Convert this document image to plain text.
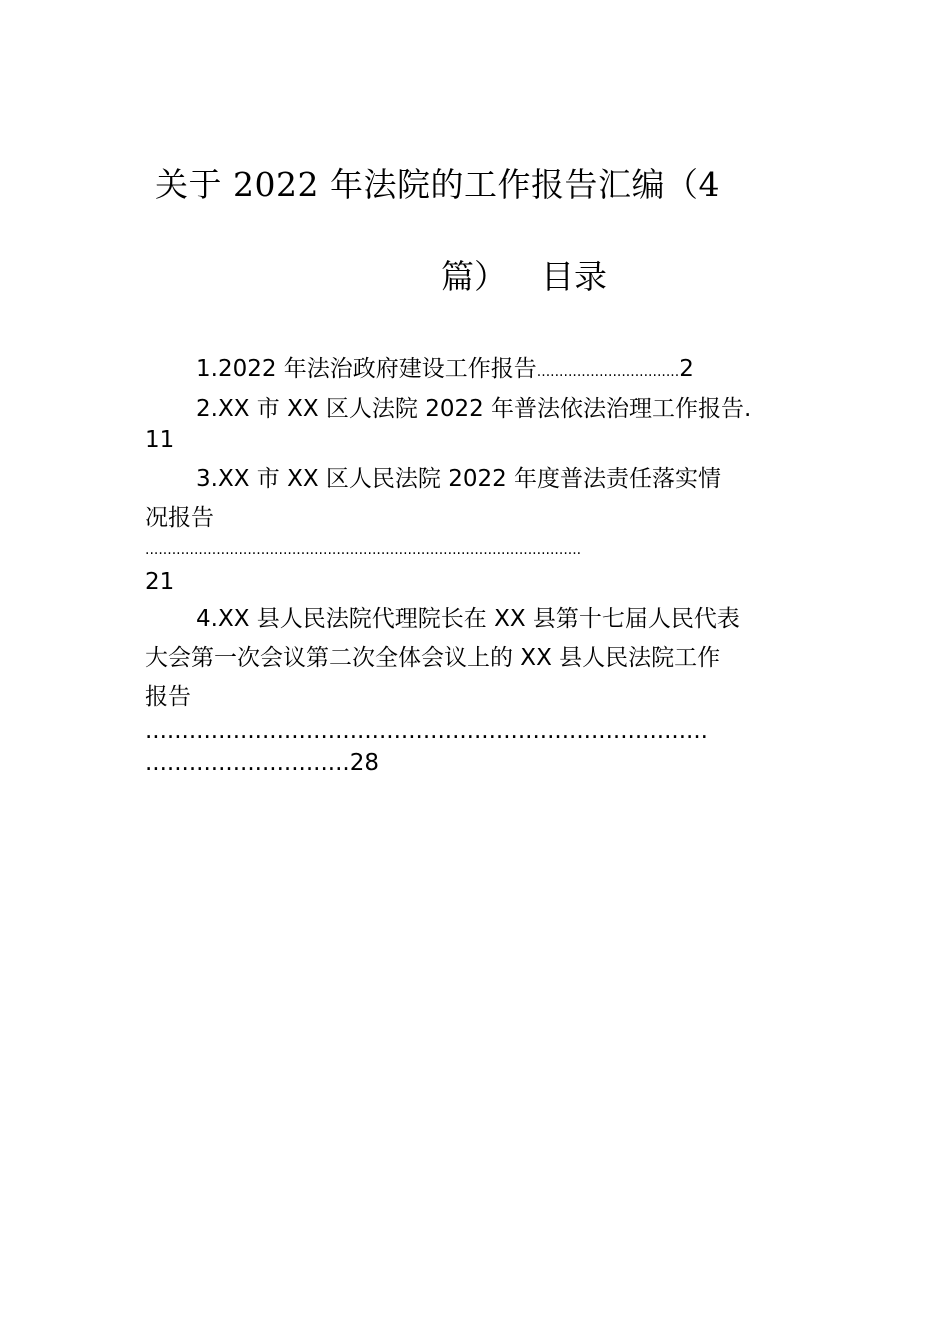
关于 2022 年法院的工作报告汇编（4
篇） 目录
1.2022 年法治政府建设工作报告................................2
2.XX 市 XX 区人法院 2022 年普法依法治理工作报告.
11
3.XX 市 XX 区人民法院 2022 年度普法责任落实情
况报告
..................................................................................................
21
4.XX 县人民法院代理院长在 XX 县第十七届人民代表
大会第一次会议第二次全体会议上的 XX 县人民法院工作
报告
.............................................................................
............................28
